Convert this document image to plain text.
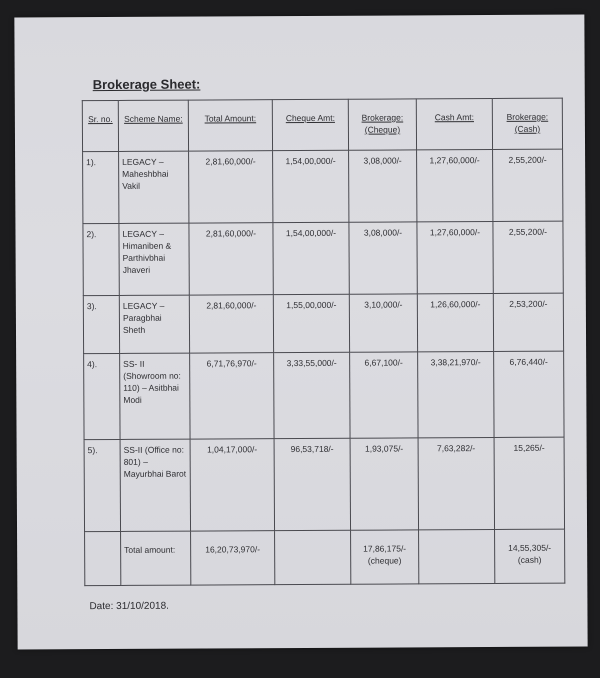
Brokerage Sheet:
Sr. no.	Scheme Name:	Total Amount:	Cheque Amt:	Brokerage: (Cheque)	Cash Amt:	Brokerage: (Cash)
1).	LEGACY – Maheshbhai Vakil	2,81,60,000/-	1,54,00,000/-	3,08,000/-	1,27,60,000/-	2,55,200/-
2).	LEGACY – Himaniben & Parthivbhai Jhaveri	2,81,60,000/-	1,54,00,000/-	3,08,000/-	1,27,60,000/-	2,55,200/-
3).	LEGACY – Paragbhai Sheth	2,81,60,000/-	1,55,00,000/-	3,10,000/-	1,26,60,000/-	2,53,200/-
4).	SS- II (Showroom no: 110) – Asitbhai Modi	6,71,76,970/-	3,33,55,000/-	6,67,100/-	3,38,21,970/-	6,76,440/-
5).	SS-II (Office no: 801) – Mayurbhai Barot	1,04,17,000/-	96,53,718/-	1,93,075/-	7,63,282/-	15,265/-
	Total amount:	16,20,73,970/-		17,86,175/- (cheque)		14,55,305/- (cash)
Date: 31/10/2018.
